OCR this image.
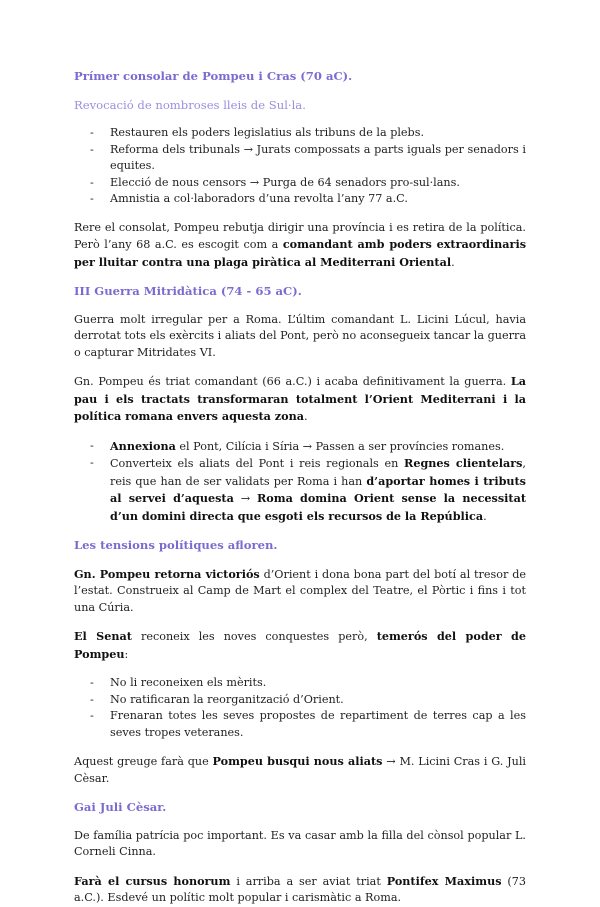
Prímer consolar de Pompeu i Cras (70 aC).
Revocació de nombroses lleis de Sul·la.
- Restauren els poders legislatius als tribuns de la plebs.
- Reforma dels tribunals → Jurats compossats a parts iguals per senadors i equites.
- Elecció de nous censors → Purga de 64 senadors pro-sul·lans.
- Amnistia a col·laboradors d’una revolta l’any 77 a.C.

Rere el consolat, Pompeu rebutja dirigir una província i es retira de la política. Però l’any 68 a.C. es escogit com a comandant amb poders extraordinaris per lluitar contra una plaga piràtica al Mediterrani Oriental.

III Guerra Mitridàtica (74 - 65 aC).

Guerra molt irregular per a Roma. L’últim comandant L. Licini Lúcul, havia derrotat tots els exèrcits i aliats del Pont, però no aconsegueix tancar la guerra o capturar Mitridates VI.

Gn. Pompeu és triat comandant (66 a.C.) i acaba definitivament la guerra. La pau i els tractats transformaran totalment l’Orient Mediterrani i la política romana envers aquesta zona.

- Annexiona el Pont, Cilícia i Síria → Passen a ser províncies romanes.
- Converteix els aliats del Pont i reis regionals en Regnes clientelars, reis que han de ser validats per Roma i han d’aportar homes i tributs al servei d’aquesta → Roma domina Orient sense la necessitat d’un domini directa que esgoti els recursos de la República.
Les tensions polítiques afloren.

Gn. Pompeu retorna victoriós d’Orient i dona bona part del botí al tresor de l’estat. Construeix al Camp de Mart el complex del Teatre, el Pòrtic i fins i tot una Cúria.

El Senat reconeix les noves conquestes però, temerós del poder de Pompeu:

- No li reconeixen els mèrits.
- No ratificaran la reorganització d’Orient.
- Frenaran totes les seves propostes de repartiment de terres cap a les seves tropes veteranes.

Aquest greuge farà que Pompeu busqui nous aliats → M. Licini Cras i G. Juli Cèsar.

Gai Juli Cèsar.

De família patrícia poc important. Es va casar amb la filla del cònsol popular L. Corneli Cinna.

Farà el cursus honorum i arriba a ser aviat triat Pontifex Maximus (73 a.C.). Esdevé un polític molt popular i carismàtic a Roma.
